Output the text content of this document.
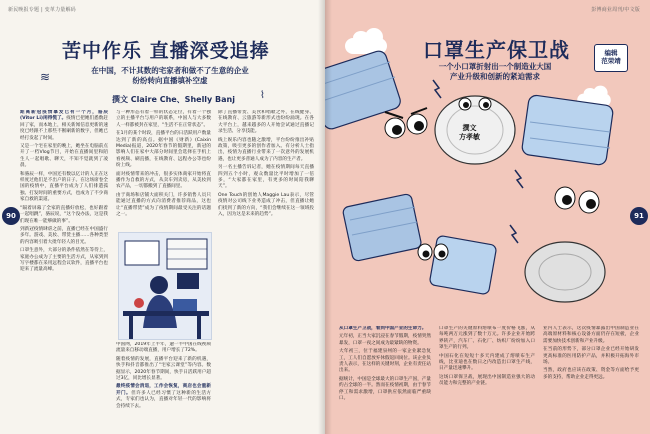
新民晚报专题 | 变革力量解码
≋
⌇
苦中作乐 直播深受追捧
在中国，不计其数的宅家者和做不了生意的企业
纷纷转向直播填补空虚
撰文 Claire Che、Shelly Banj
90

距离新冠疫情暴发已有一个月，骆辰(Vitor Li)闲得慌了。疫情已把她们悉数赶回了家，而本地上，相关新闻信息更新的速度已经跟不上那些不断刷新的数字，但她已经打发起了时间。

又是一个宅在家里的晚上，她坐在电脑前点开了一档Vlog节目，开始在直播间里和陌生人一起唱歌、聊天，不知不觉就到了凌晨。

和骆辰一样，中国还有数以亿计的人正在这样度过他们足不出户的日子。在这场席卷全国的疫情中，直播平台成为了人们排遣孤独、打发时间的重要方式，也成为了不少商家自救的渠道。

“隔着屏幕了全家的直播好放松，也好跟着一起唱跳”，骆辰说，“这个没办法，这是我们现在唯一能够做的事”。

到新冠疫情肆虐之前，直播已经在中国盛行多年。游戏、美妆、带货主播……各种类型的内容吸引着大批年轻人的目光。

口罩生意外，大部分的条件依然在等待上，家庭办公成为了主要的生活方式，从家到到写字楼都在采用远程会议软件，直播平台也迎来了流量高峰。

与一种形态有着一样的状态定位，有着一个独立的主播平台与用户的联系，中国人与大多数人一样都被封在家里，“生活不在正常状态”。

在1月的某个时段，直播平台的日活跃用户数量达到了新的高点。据中国《财新》(Caixin Media)报道，2020年春节的假期里，新冠的影响人们在家中大部分时间里会选择在手机上看视频、刷直播，在线教育、远程办公等也纷纷上线。

面对疫情带来的冲击，很多实体商家开始将直播作为自救的方式，从卖车到卖房，从美妆到农产品，一切都搬到了直播间里。

由于商场和店铺大面积关门，许多销售人员只能通过直播的方式向消费者推荐商品，这也让“直播带货”成为了疫情期间最受关注的话题之一。

中国网，2019年上半年，逾一半中国在线视频流量来自移动端直播，用户增长了72%。

随着疫情的发展，直播平台迎来了新的机遇，快手和抖音都推出了“宅家云课堂”等内容。数据显示，2020年春节期间，快手日活跃用户超过3亿，同比增长显著。

最终疫情会消退，工作会恢复，商店也会重新开门。但许多人已经习惯了这种新的生活方式，专家们也认为，直播对年轻一代的影响将会持续下去。

除了直播带货、美食和唱歌之外，在线健身、在线教育、云旅游等新形式也纷纷涌现。在各大平台上，越来越多的人开始尝试通过直播记录生活、分享技能。

线上娱乐内容也随之激增，平台纷纷推出补贴政策，吸引更多的创作者加入。有分析人士指出，疫情为直播行业带来了一次意外的发展机遇，也让更多普通人成为了内容的生产者。

另一名主播告诉记者，她在疫情期间每天直播四到五个小时，观众数量比平时增加了一倍多，“大家都在家里，有更多的时间陪我聊天”。

One Touch的创始人Maggie Lau表示，尽管疫情对公司线下业务造成了冲击，但直播让她们找到了新的方向，“我们会继续在这一领域投入，因为这是未来的趋势”。

彭博商业周刊/中文版
口罩生产保卫战
一个小口罩折射出一个制造业大国
产业升级和创新的紧迫需求
91
编辑
范荣靖
撰文
方孝敏

从口罩生产卫战，看到中国产业的生命力。

元年初，正当大家沉浸在春节假期，疫情突然暴发，口罩一夜之间成为最紧缺的物资。

大年初三，位于福建泉州的一家企业紧急复工，工人们自愿放弃休假返回岗位。该企业负责人表示，在这样的关键时刻，企业有责任站出来。

据统计，中国是全球最大的口罩生产国，产量约占全球的一半。然而在疫情初期，由于春节停工和需求激增，口罩供应依然面临严重缺口。

口罩生产的关键原料熔喷布一度价格飞涨，从每吨两万元涨到了数十万元。许多企业开始跨界转产，汽车厂、石化厂、纺织厂纷纷加入口罩生产的行列。

中国石化在短短十多天内建成了熔喷布生产线，比亚迪也在数日之内改造出口罩生产线，日产量迅速攀升。

这场口罩保卫战，展现出中国制造业强大的动员能力和完整的产业链。

业内人士表示，这次疫情暴露出中国制造业在高端原材料和核心设备方面仍存在短板，企业需要加快技术创新和产业升级。

在当前的形势下，部分口罩企业已经开始研发更高标准的医用防护产品，并积极开拓海外市场。

当然，政府也应该在政策、资金等方面给予更多的支持，帮助企业走得更远。
